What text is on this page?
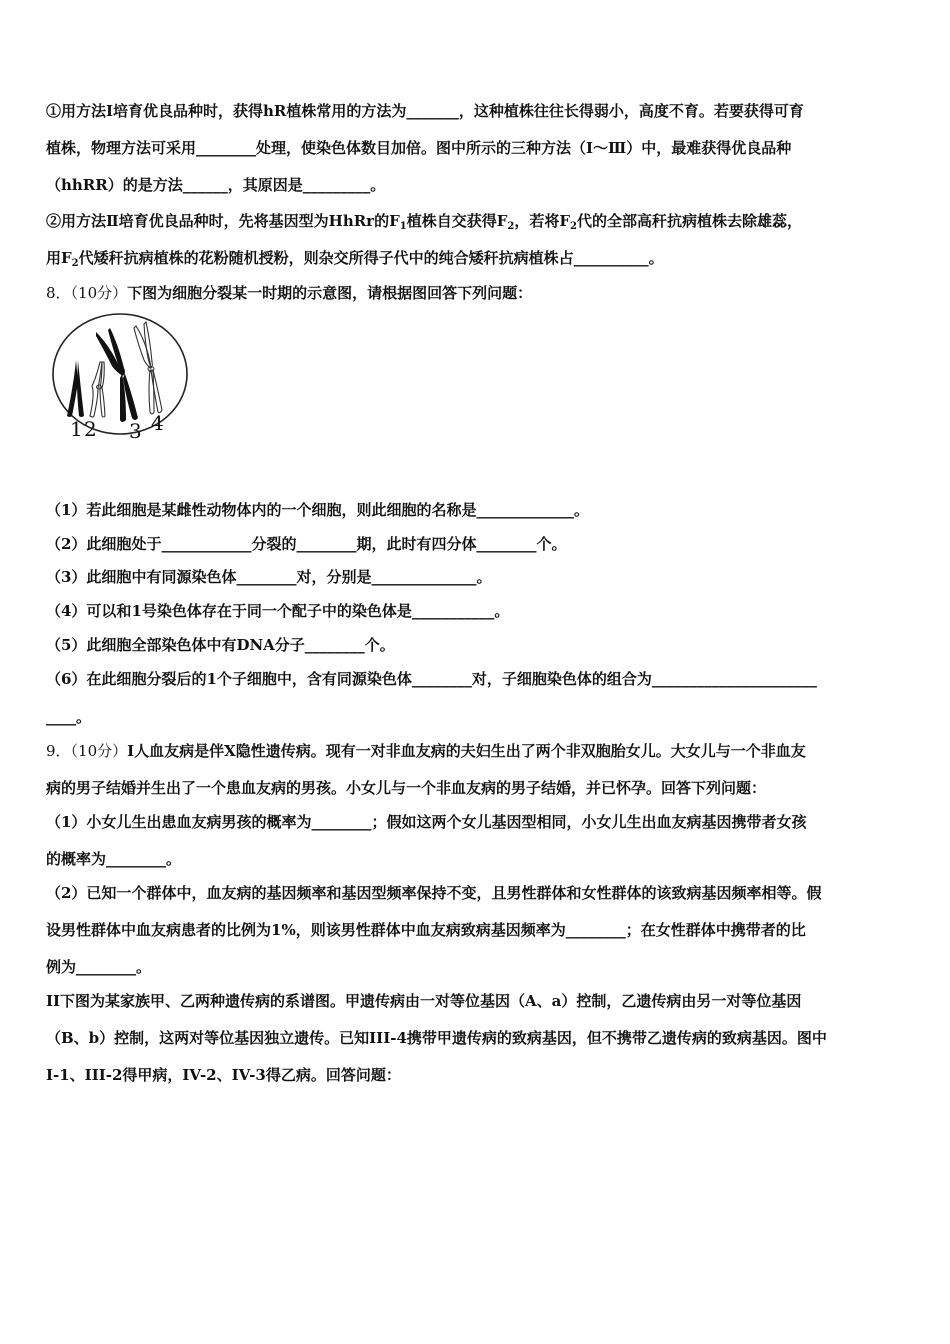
①用方法Ⅰ培育优良品种时，获得hR植株常用的方法为_______，这种植株往往长得弱小，高度不育。若要获得可育
植株，物理方法可采用________处理，使染色体数目加倍。图中所示的三种方法（Ⅰ～Ⅲ）中，最难获得优良品种
（hhRR）的是方法______，其原因是_________。
②用方法Ⅱ培育优良品种时，先将基因型为HhRr的$F_1$植株自交获得$F_2$，若将$F_2$代的全部高秆抗病植株去除雄蕊，
用$F_2$代矮秆抗病植株的花粉随机授粉，则杂交所得子代中的纯合矮秆抗病植株占__________。
8．（10分）下图为细胞分裂某一时期的示意图，请根据图回答下列问题：
1 2 3 4
（1）若此细胞是某雌性动物体内的一个细胞，则此细胞的名称是_____________。
（2）此细胞处于____________分裂的________期，此时有四分体________个。
（3）此细胞中有同源染色体________对，分别是______________。
（4）可以和1号染色体存在于同一个配子中的染色体是___________。
（5）此细胞全部染色体中有DNA分子________个。
（6）在此细胞分裂后的1个子细胞中，含有同源染色体________对，子细胞染色体的组合为______________________
____。
9．（10分）I人血友病是伴X隐性遗传病。现有一对非血友病的夫妇生出了两个非双胞胎女儿。大女儿与一个非血友
病的男子结婚并生出了一个患血友病的男孩。小女儿与一个非血友病的男子结婚，并已怀孕。回答下列问题：
（1）小女儿生出患血友病男孩的概率为________；假如这两个女儿基因型相同，小女儿生出血友病基因携带者女孩
的概率为________。
（2）已知一个群体中，血友病的基因频率和基因型频率保持不变，且男性群体和女性群体的该致病基因频率相等。假
设男性群体中血友病患者的比例为1%，则该男性群体中血友病致病基因频率为________；在女性群体中携带者的比
例为________。
II下图为某家族甲、乙两种遗传病的系谱图。甲遗传病由一对等位基因（A、a）控制，乙遗传病由另一对等位基因
（B、b）控制，这两对等位基因独立遗传。已知III-4携带甲遗传病的致病基因，但不携带乙遗传病的致病基因。图中
I-1、III-2得甲病，IV-2、IV-3得乙病。回答问题：
